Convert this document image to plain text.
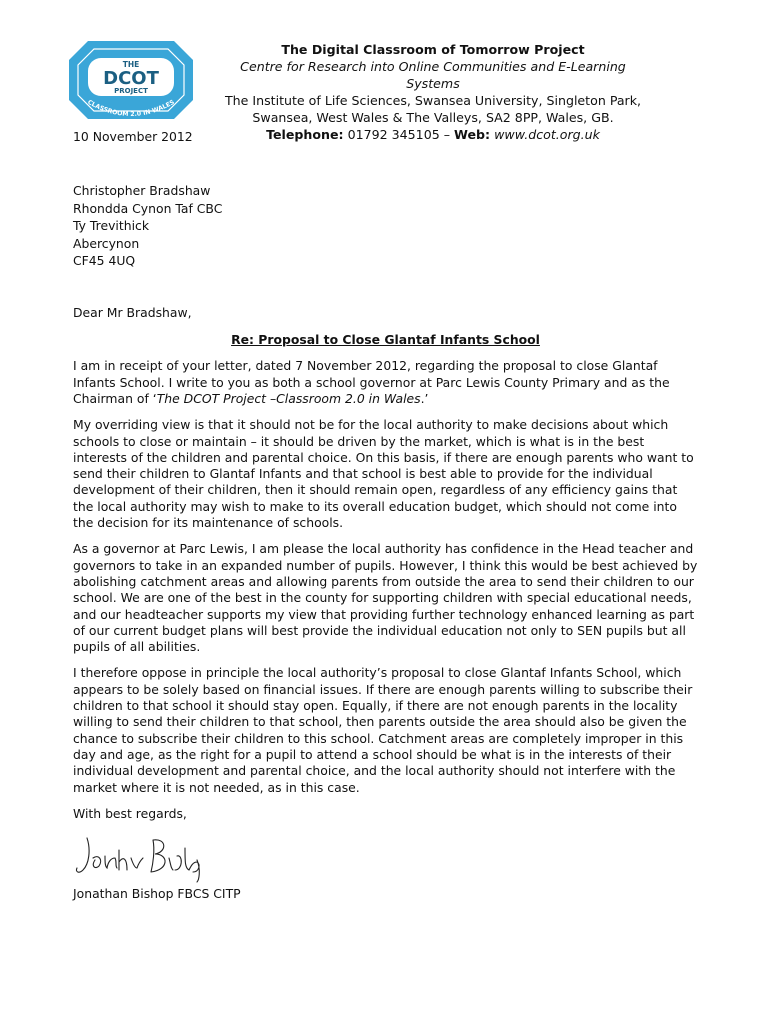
THE
DCOT
PROJECT
CLASSROOM 2.0 IN WALES
The Digital Classroom of Tomorrow Project
Centre for Research into Online Communities and E-Learning Systems
The Institute of Life Sciences, Swansea University, Singleton Park,
Swansea, West Wales & The Valleys, SA2 8PP, Wales, GB.
Telephone: 01792 345105 – Web: www.dcot.org.uk

10 November 2012

Christopher Bradshaw
Rhondda Cynon Taf CBC
Ty Trevithick
Abercynon
CF45 4UQ

Dear Mr Bradshaw,

Re: Proposal to Close Glantaf Infants School

I am in receipt of your letter, dated 7 November 2012, regarding the proposal to close Glantaf Infants School. I write to you as both a school governor at Parc Lewis County Primary and as the Chairman of ‘The DCOT Project –Classroom 2.0 in Wales.’

My overriding view is that it should not be for the local authority to make decisions about which schools to close or maintain – it should be driven by the market, which is what is in the best interests of the children and parental choice. On this basis, if there are enough parents who want to send their children to Glantaf Infants and that school is best able to provide for the individual development of their children, then it should remain open, regardless of any efficiency gains that the local authority may wish to make to its overall education budget, which should not come into the decision for its maintenance of schools.

As a governor at Parc Lewis, I am please the local authority has confidence in the Head teacher and governors to take in an expanded number of pupils. However, I think this would be best achieved by abolishing catchment areas and allowing parents from outside the area to send their children to our school. We are one of the best in the county for supporting children with special educational needs, and our headteacher supports my view that providing further technology enhanced learning as part of our current budget plans will best provide the individual education not only to SEN pupils but all pupils of all abilities.

I therefore oppose in principle the local authority’s proposal to close Glantaf Infants School, which appears to be solely based on financial issues. If there are enough parents willing to subscribe their children to that school it should stay open. Equally, if there are not enough parents in the locality willing to send their children to that school, then parents outside the area should also be given the chance to subscribe their children to this school. Catchment areas are completely improper in this day and age, as the right for a pupil to attend a school should be what is in the interests of their individual development and parental choice, and the local authority should not interfere with the market where it is not needed, as in this case.

With best regards,

Jonathan Bishop FBCS CITP
